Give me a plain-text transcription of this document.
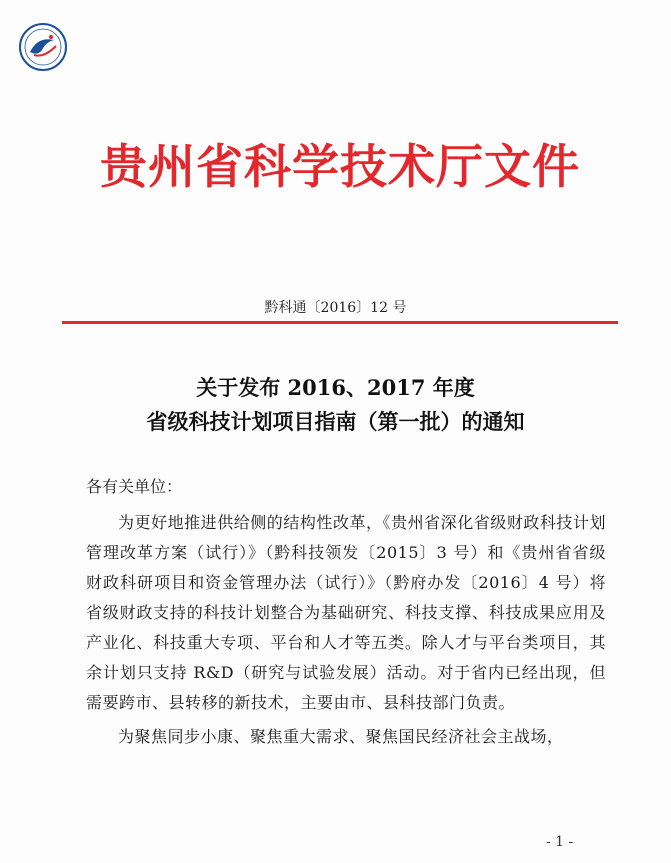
贵州省科学技术厅文件
黔科通〔2016〕12 号
关于发布 2016、2017 年度
省级科技计划项目指南（第一批）的通知
各有关单位：

为更好地推进供给侧的结构性改革，《贵州省深化省级财政科技计划管理改革方案（试行）》（黔科技领发〔2015〕3 号）和《贵州省省级财政科研项目和资金管理办法（试行）》（黔府办发〔2016〕4 号）将省级财政支持的科技计划整合为基础研究、科技支撑、科技成果应用及产业化、科技重大专项、平台和人才等五类。除人才与平台类项目，其余计划只支持 R&D（研究与试验发展）活动。对于省内已经出现，但需要跨市、县转移的新技术，主要由市、县科技部门负责。

为聚焦同步小康、聚焦重大需求、聚焦国民经济社会主战场，

- 1 -
